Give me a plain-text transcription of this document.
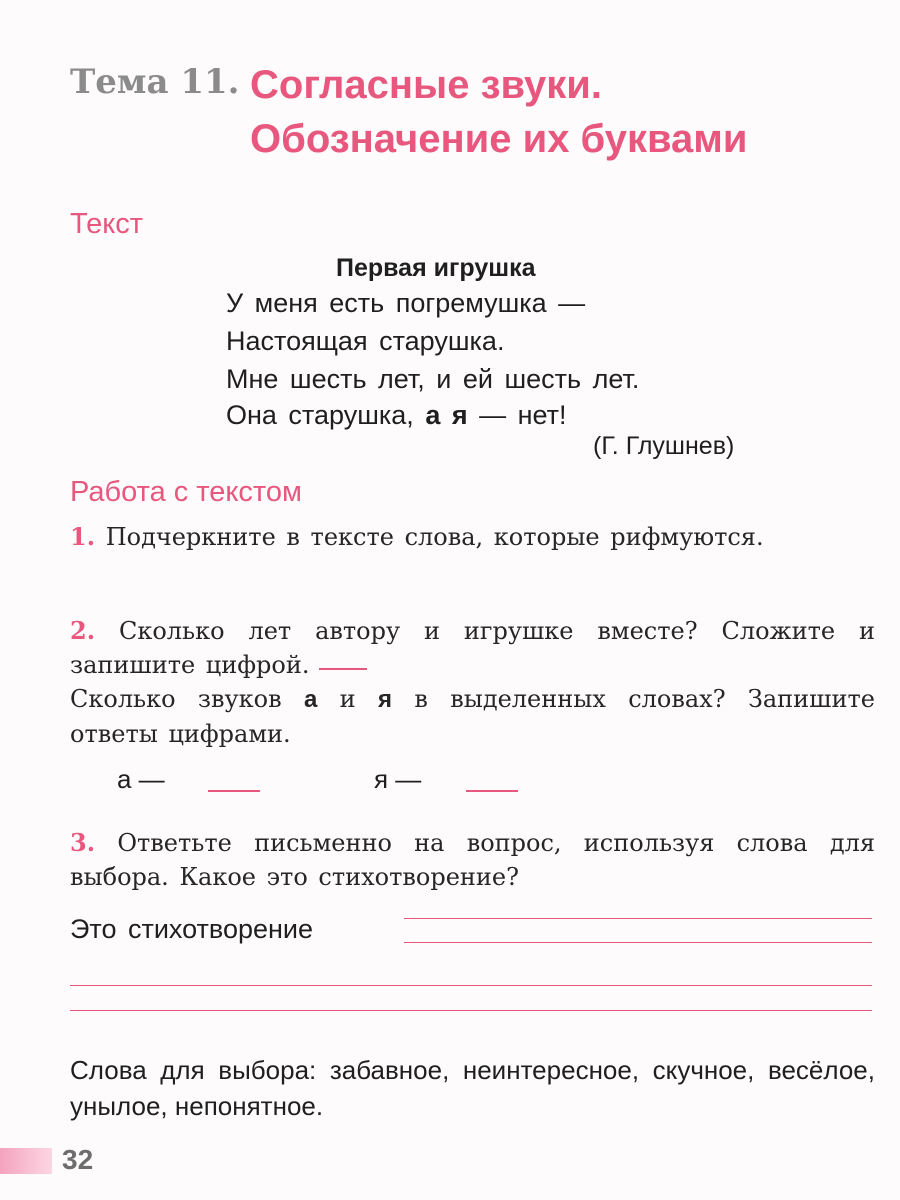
Тема 11. Согласные звуки.
Обозначение их буквами
Текст
Первая игрушка
У меня есть погремушка —
Настоящая старушка.
Мне шесть лет, и ей шесть лет.
Она старушка, а я — нет!
(Г. Глушнев)
Работа с текстом
1. Подчеркните в тексте слова, которые рифмуются.
2. Сколько лет автору и игрушке вместе? Сложите и запишите цифрой.
Сколько звуков а и я в выделенных словах? Запишите ответы цифрами.
а —	я —
3. Ответьте письменно на вопрос, используя слова для выбора. Какое это стихотворение?
Это стихотворение
Слова для выбора: забавное, неинтересное, скучное, весёлое, унылое, непонятное.
32
